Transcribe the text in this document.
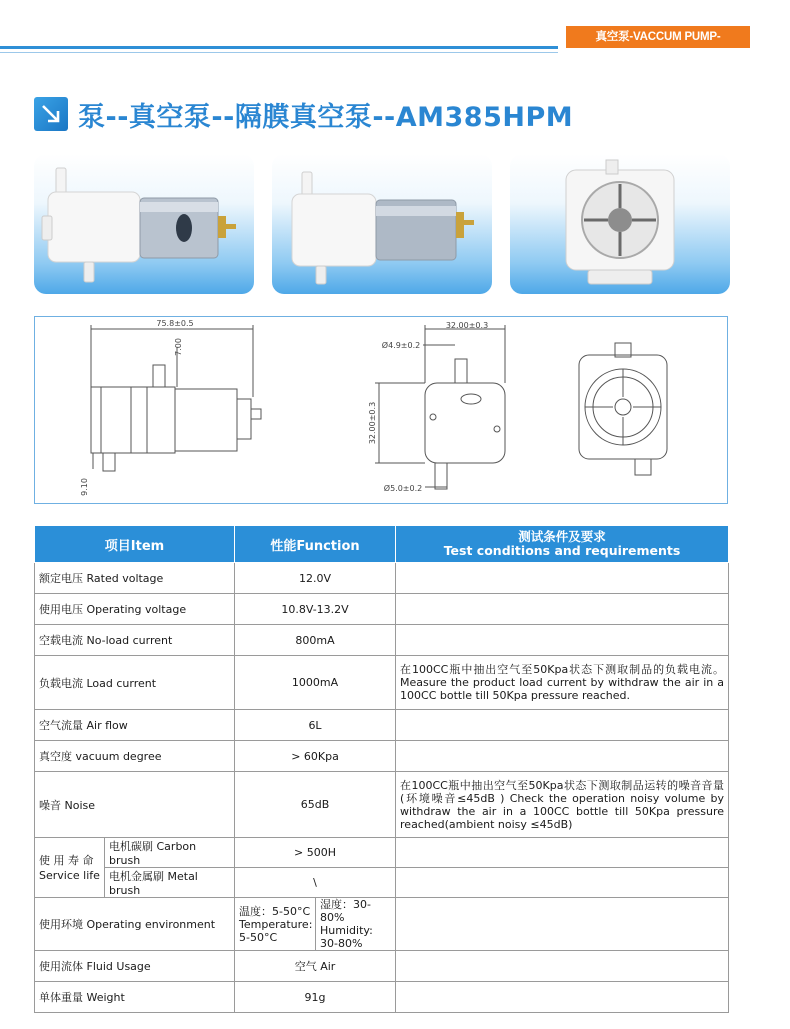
真空泵-VACCUM PUMP-DIAPHRAGM
泵--真空泵--隔膜真空泵--AM385HPM
75.8±0.5
7.00
9.10
32.00±0.3
32.00±0.3
Ø4.9±0.2
Ø5.0±0.2
项目Item		性能Function		测试条件及要求
Test conditions and requirements

额定电压 Rated voltage		12.0V		
使用电压 Operating voltage		10.8V-13.2V		
空载电流 No-load current		800mA		
负载电流 Load current		1000mA		在100CC瓶中抽出空气至50Kpa状态下测取制品的负载电流。Measure the product load current by withdraw the air in a 100CC bottle till 50Kpa pressure reached.
空气流量 Air flow		6L		
真空度 vacuum degree		> 60Kpa		
噪音 Noise		65dB		在100CC瓶中抽出空气至50Kpa状态下测取制品运转的噪音音量(环境噪音≤45dB ) Check the operation noisy volume by withdraw the air in a 100CC bottle till 50Kpa pressure reached(ambient noisy ≤45dB)
使 用 寿 命
Service life	电机碳刷 Carbon brush	> 500H		
	电机金属刷 Metal brush	\		
使用环境 Operating environment		温度：5-50°C Temperature: 5-50°C	湿度：30-80% Humidity: 30-80%	
使用流体 Fluid Usage		空气 Air		
单体重量 Weight		91g		
